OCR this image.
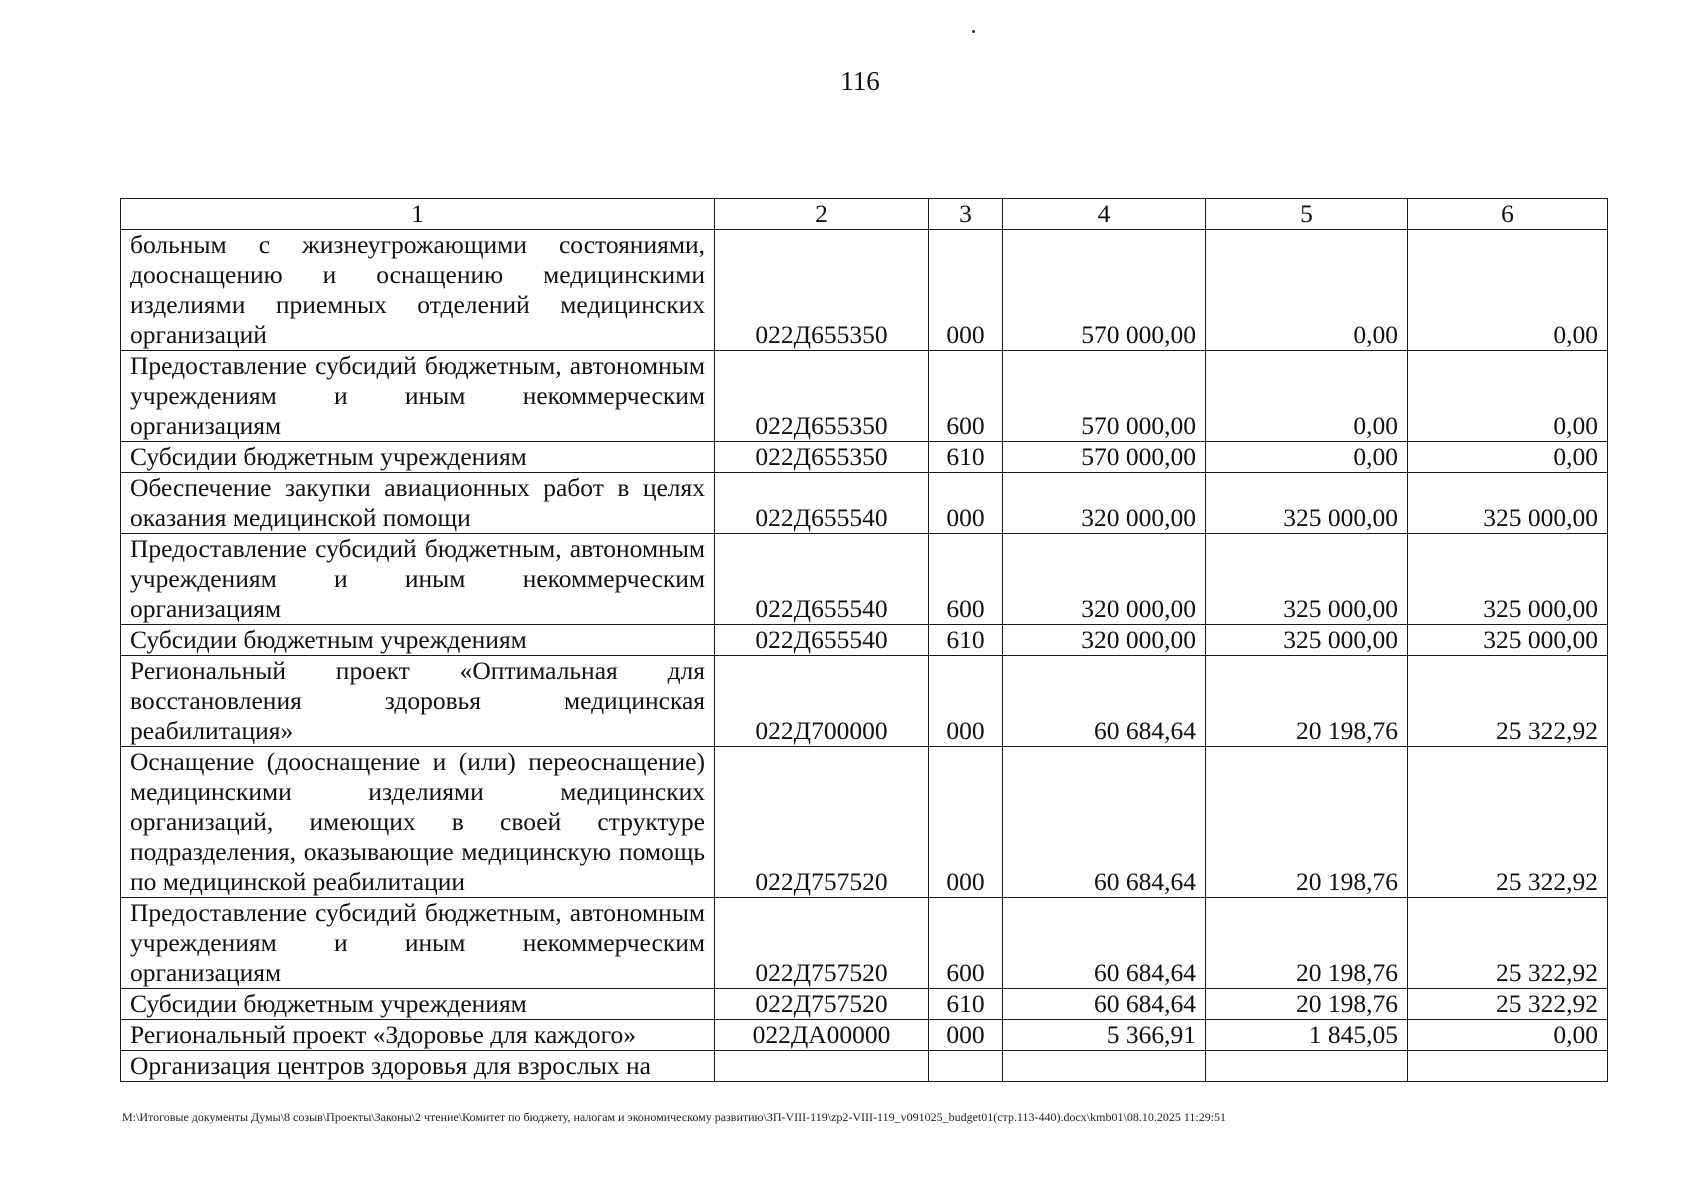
116
1	2	3	4	5	6
больным с жизнеугрожающими состояниями, дооснащению и оснащению медицинскими изделиями приемных отделений медицинских организаций	022Д655350	000	570 000,00	0,00	0,00
Предоставление субсидий бюджетным, автономным учреждениям и иным некоммерческим организациям	022Д655350	600	570 000,00	0,00	0,00
Субсидии бюджетным учреждениям	022Д655350	610	570 000,00	0,00	0,00
Обеспечение закупки авиационных работ в целях оказания медицинской помощи	022Д655540	000	320 000,00	325 000,00	325 000,00
Предоставление субсидий бюджетным, автономным учреждениям и иным некоммерческим организациям	022Д655540	600	320 000,00	325 000,00	325 000,00
Субсидии бюджетным учреждениям	022Д655540	610	320 000,00	325 000,00	325 000,00
Региональный проект «Оптимальная для восстановления здоровья медицинская реабилитация»	022Д700000	000	60 684,64	20 198,76	25 322,92
Оснащение (дооснащение и (или) переоснащение) медицинскими изделиями медицинских организаций, имеющих в своей структуре подразделения, оказывающие медицинскую помощь по медицинской реабилитации	022Д757520	000	60 684,64	20 198,76	25 322,92
Предоставление субсидий бюджетным, автономным учреждениям и иным некоммерческим организациям	022Д757520	600	60 684,64	20 198,76	25 322,92
Субсидии бюджетным учреждениям	022Д757520	610	60 684,64	20 198,76	25 322,92
Региональный проект «Здоровье для каждого»	022ДА00000	000	5 366,91	1 845,05	0,00
Организация центров здоровья для взрослых на					
М:\Итоговые документы Думы\8 созыв\Проекты\Законы\2 чтение\Комитет по бюджету, налогам и экономическому развитию\ЗП-VIII-119\zp2-VIII-119_v091025_budget01(стр.113-440).docx\kmb01\08.10.2025 11:29:51
